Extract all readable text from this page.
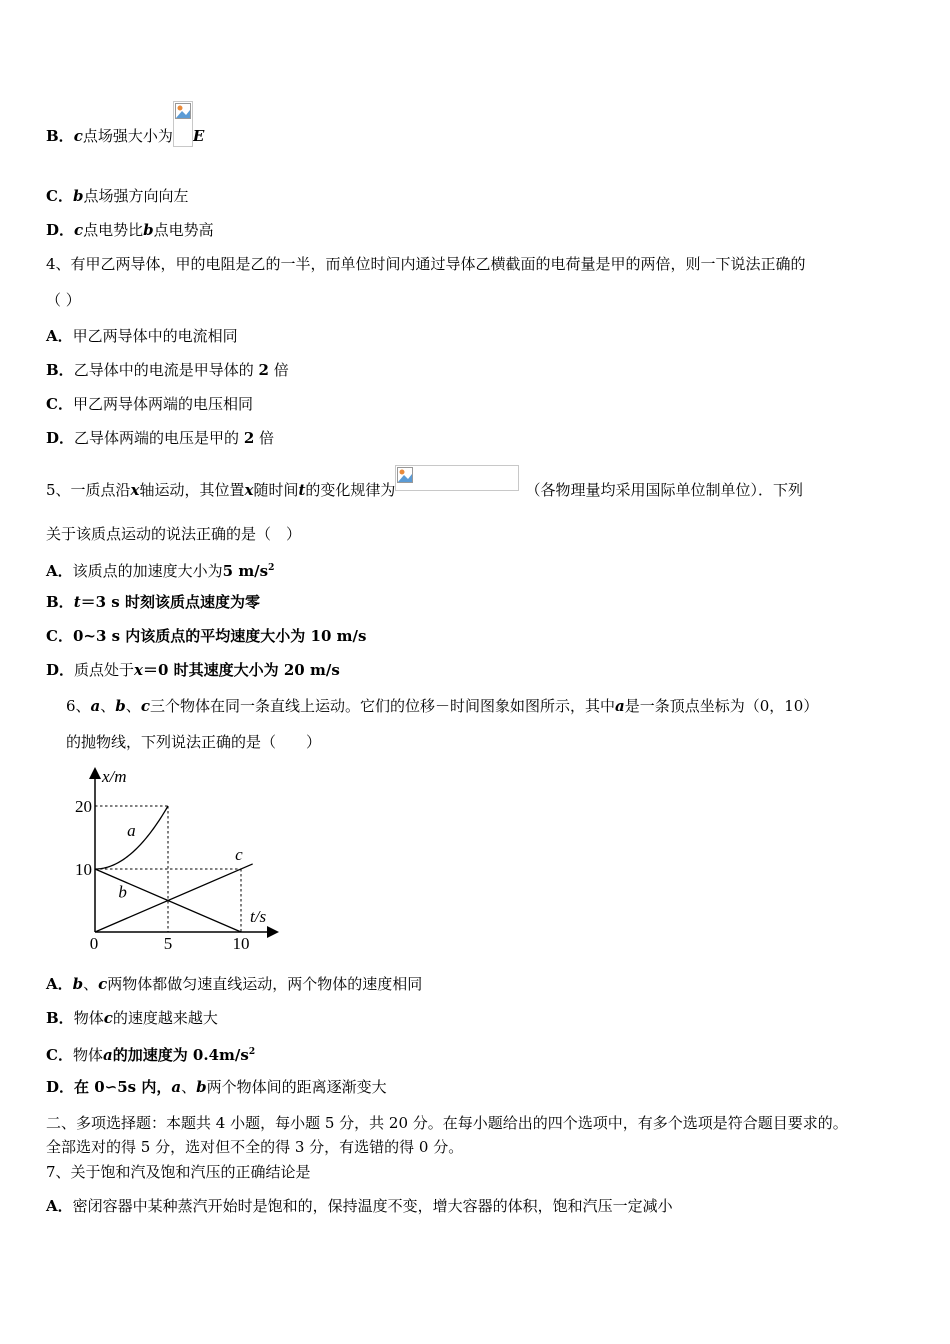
B．c点场强大小为 E
C．b点场强方向向左
D．c点电势比b点电势高
4、有甲乙两导体，甲的电阻是乙的一半，而单位时间内通过导体乙横截面的电荷量是甲的两倍，则一下说法正确的
（ ）
A．甲乙两导体中的电流相同
B．乙导体中的电流是甲导体的 2 倍
C．甲乙两导体两端的电压相同
D．乙导体两端的电压是甲的 2 倍
5、一质点沿x轴运动，其位置x随时间t的变化规律为	（各物理量均采用国际单位制单位）．下列
关于该质点运动的说法正确的是（　）
A．该质点的加速度大小为5 $m/s^2$
B．t＝3 s 时刻该质点速度为零
C．0~3 s 内该质点的平均速度大小为 10 m/s
D．质点处于x＝0 时其速度大小为 20 m/s
6、a、b、c三个物体在同一条直线上运动。它们的位移－时间图象如图所示，其中a是一条顶点坐标为（0，10）
的抛物线，下列说法正确的是（　　）
x/m
t/s
0	5	10
10
20
a
b
c
A．b、c两物体都做匀速直线运动，两个物体的速度相同
B．物体c的速度越来越大
C．物体a的加速度为 $0.4m/s^2$
D．在 0∽5s 内，a、b两个物体间的距离逐渐变大
二、多项选择题：本题共 4 小题，每小题 5 分，共 20 分。在每小题给出的四个选项中，有多个选项是符合题目要求的。
全部选对的得 5 分，选对但不全的得 3 分，有选错的得 0 分。
7、关于饱和汽及饱和汽压的正确结论是
A．密闭容器中某种蒸汽开始时是饱和的，保持温度不变，增大容器的体积，饱和汽压一定减小
